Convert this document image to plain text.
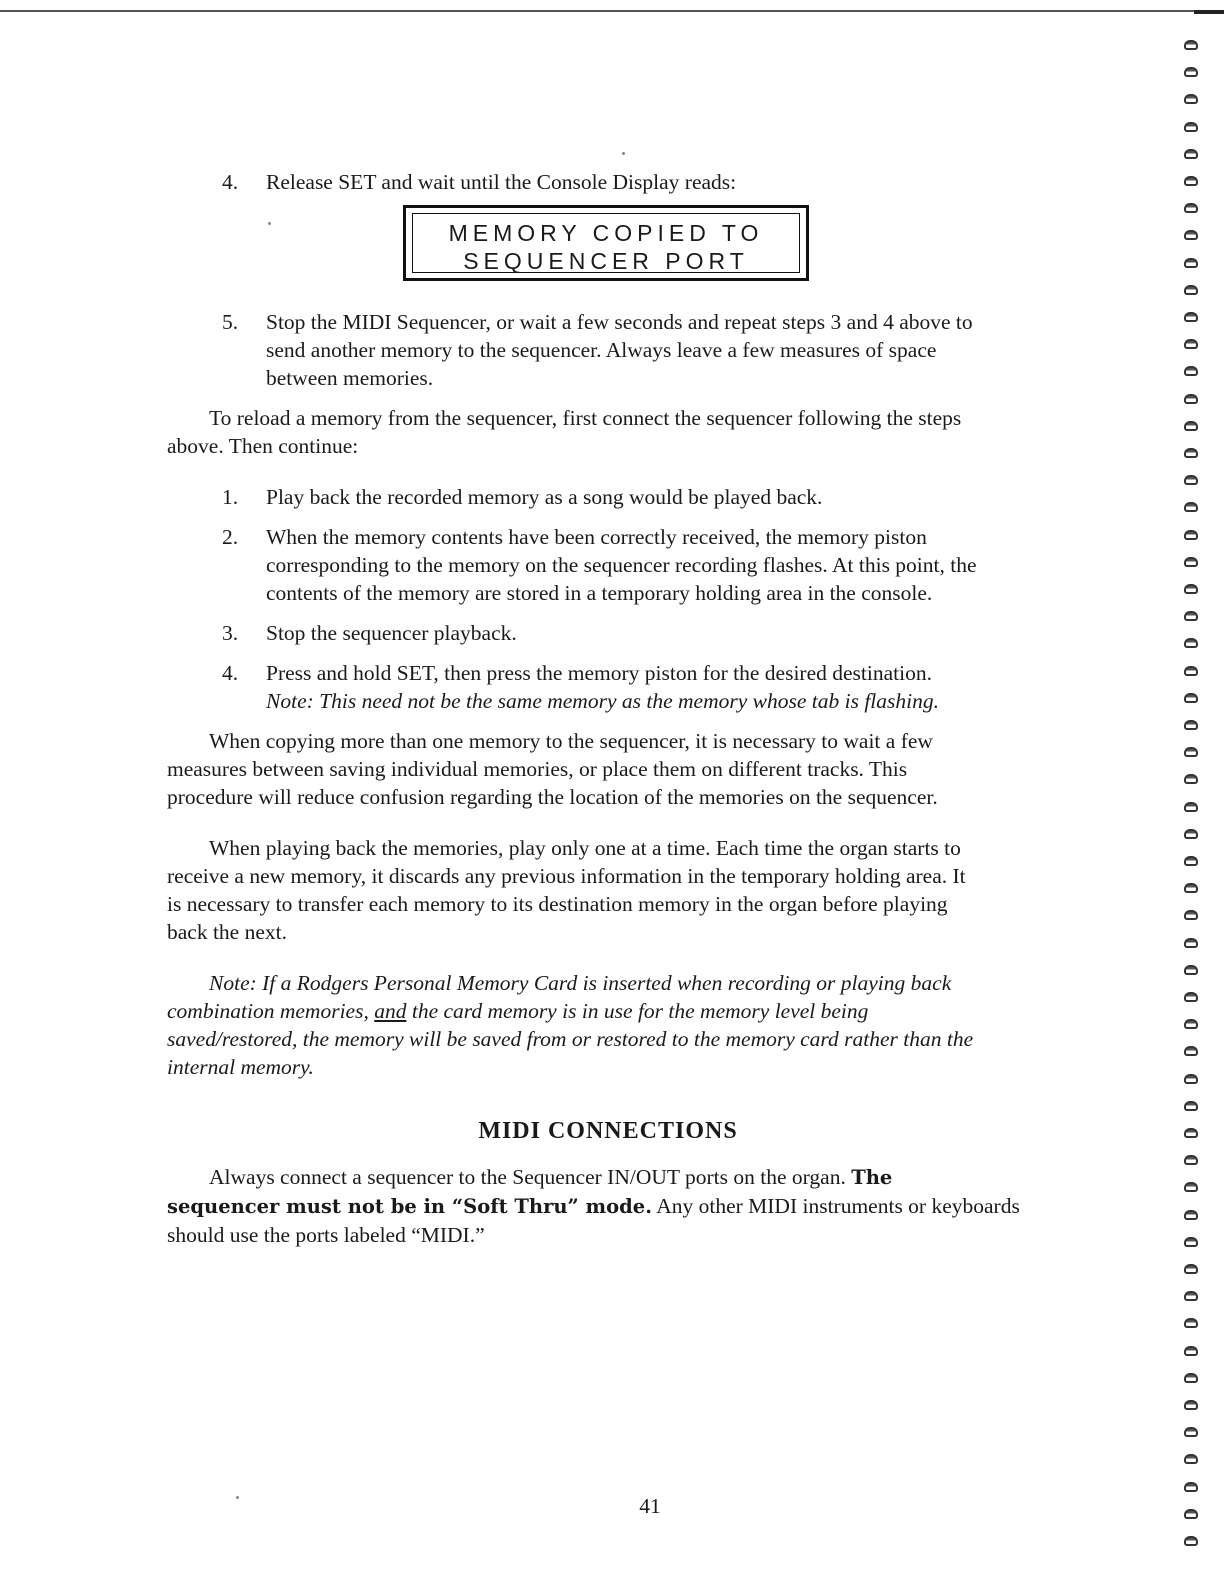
4.	Release SET and wait until the Console Display reads:
MEMORY COPIED TO
SEQUENCER PORT
5.	Stop the MIDI Sequencer, or wait a few seconds and repeat steps 3 and 4 above to
send another memory to the sequencer. Always leave a few measures of space
between memories.
To reload a memory from the sequencer, first connect the sequencer following the steps
above. Then continue:
1.	Play back the recorded memory as a song would be played back.
2.	When the memory contents have been correctly received, the memory piston
corresponding to the memory on the sequencer recording flashes. At this point, the
contents of the memory are stored in a temporary holding area in the console.
3.	Stop the sequencer playback.
4.	Press and hold SET, then press the memory piston for the desired destination.
Note: This need not be the same memory as the memory whose tab is flashing.
When copying more than one memory to the sequencer, it is necessary to wait a few
measures between saving individual memories, or place them on different tracks. This
procedure will reduce confusion regarding the location of the memories on the sequencer.
When playing back the memories, play only one at a time. Each time the organ starts to
receive a new memory, it discards any previous information in the temporary holding area. It
is necessary to transfer each memory to its destination memory in the organ before playing
back the next.
Note: If a Rodgers Personal Memory Card is inserted when recording or playing back
combination memories, and the card memory is in use for the memory level being
saved/restored, the memory will be saved from or restored to the memory card rather than the
internal memory.
MIDI CONNECTIONS
Always connect a sequencer to the Sequencer IN/OUT ports on the organ. The
sequencer must not be in “Soft Thru” mode. Any other MIDI instruments or keyboards
should use the ports labeled “MIDI.”
41
